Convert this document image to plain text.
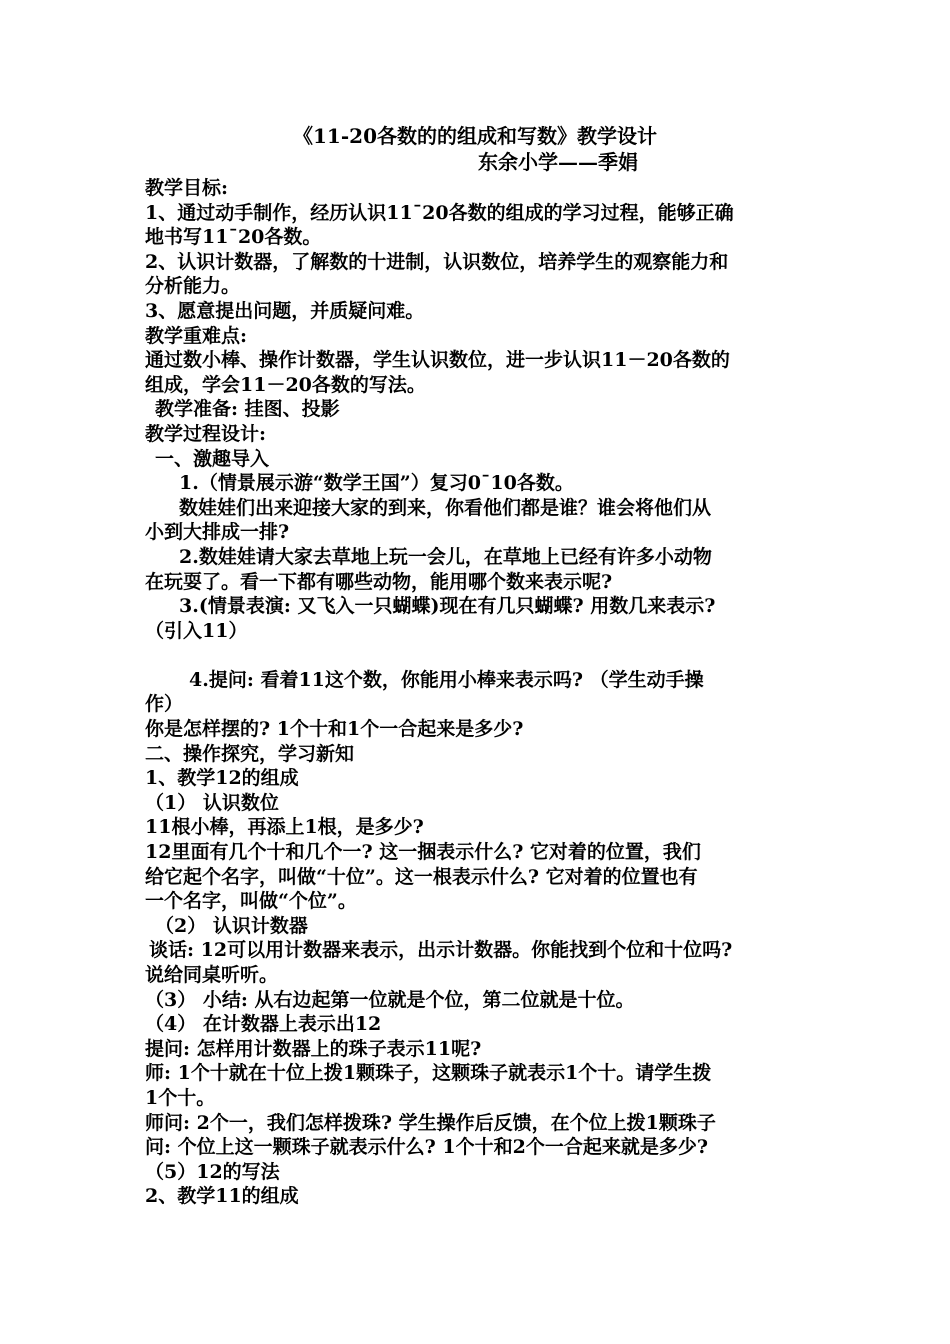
《11-20各数的的组成和写数》教学设计
东余小学——季娟
教学目标:
1、通过动手制作，经历认识11¯20各数的组成的学习过程，能够正确
地书写11¯20各数。
2、认识计数器，了解数的十进制，认识数位，培养学生的观察能力和
分析能力。
3、愿意提出问题，并质疑问难。
教学重难点:
通过数小棒、操作计数器，学生认识数位，进一步认识11－20各数的
组成，学会11－20各数的写法。
教学准备: 挂图、投影
教学过程设计:
一、激趣导入
1.（情景展示游“数学王国”）复习0¯10各数。
数娃娃们出来迎接大家的到来，你看他们都是谁？谁会将他们从
小到大排成一排?
2.数娃娃请大家去草地上玩一会儿，在草地上已经有许多小动物
在玩耍了。看一下都有哪些动物，能用哪个数来表示呢?
3.(情景表演: 又飞入一只蝴蝶)现在有几只蝴蝶? 用数几来表示?
（引入11）
4.提问: 看着11这个数，你能用小棒来表示吗? （学生动手操
作）
你是怎样摆的? 1个十和1个一合起来是多少?
二、操作探究，学习新知
1、教学12的组成
（1） 认识数位
11根小棒，再添上1根，是多少?
12里面有几个十和几个一? 这一捆表示什么? 它对着的位置，我们
给它起个名字，叫做“十位”。这一根表示什么? 它对着的位置也有
一个名字，叫做“个位”。
（2） 认识计数器
谈话: 12可以用计数器来表示，出示计数器。你能找到个位和十位吗?
说给同桌听听。
（3） 小结: 从右边起第一位就是个位，第二位就是十位。
（4） 在计数器上表示出12
提问: 怎样用计数器上的珠子表示11呢?
师: 1个十就在十位上拨1颗珠子，这颗珠子就表示1个十。请学生拨
1个十。
师问: 2个一，我们怎样拨珠? 学生操作后反馈，在个位上拨1颗珠子
问: 个位上这一颗珠子就表示什么? 1个十和2个一合起来就是多少?
（5）12的写法
2、教学11的组成
